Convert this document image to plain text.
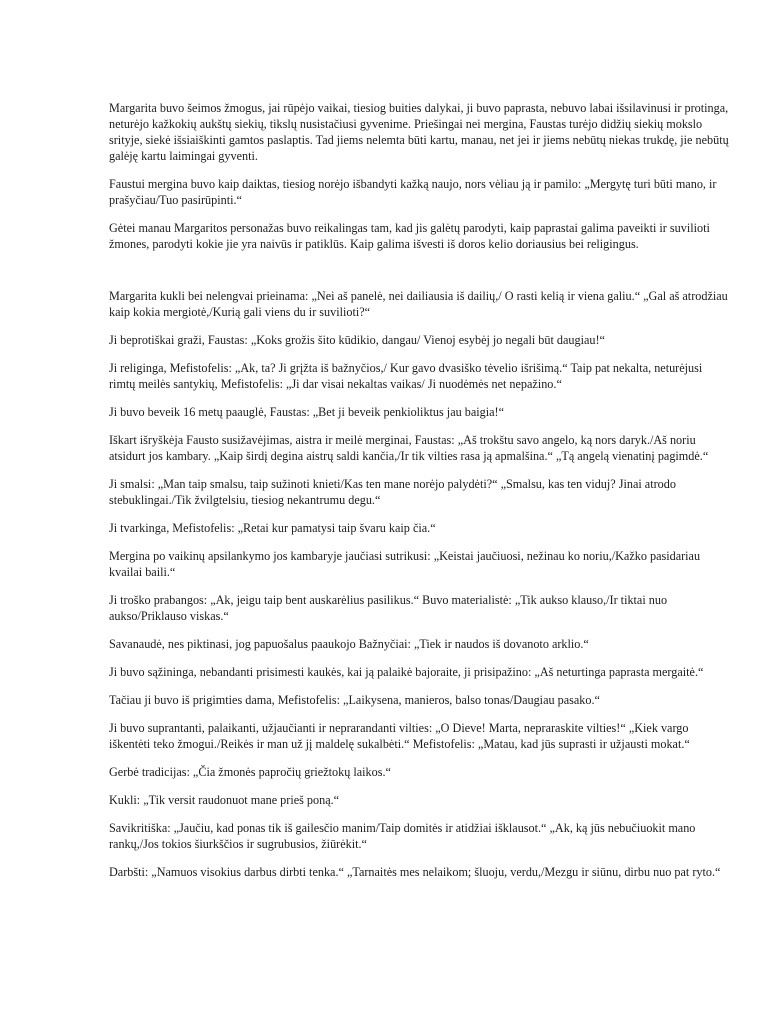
Margarita buvo šeimos žmogus, jai rūpėjo vaikai, tiesiog buities dalykai, ji buvo paprasta, nebuvo labai išsilavinusi ir protinga, neturėjo kažkokių aukštų siekių, tikslų nusistačiusi gyvenime. Priešingai nei mergina, Faustas turėjo didžių siekių mokslo srityje, siekė išsiaiškinti gamtos paslaptis. Tad jiems nelemta būti kartu, manau, net jei ir jiems nebūtų niekas trukdę, jie nebūtų galėję kartu laimingai gyventi.

Faustui mergina buvo kaip daiktas, tiesiog norėjo išbandyti kažką naujo, nors vėliau ją ir pamilo: „Mergytę turi būti mano, ir prašyčiau/Tuo pasirūpinti.“

Gėtei manau Margaritos personažas buvo reikalingas tam, kad jis galėtų parodyti, kaip paprastai galima paveikti ir suvilioti žmones, parodyti kokie jie yra naivūs ir patiklūs. Kaip galima išvesti iš doros kelio doriausius bei religingus.

Margarita kukli bei nelengvai prieinama: „Nei aš panelė, nei dailiausia iš dailių,/ O rasti kelią ir viena galiu.“ „Gal aš atrodžiau kaip kokia mergiotė,/Kurią gali viens du ir suvilioti?“

Ji beprotiškai graži, Faustas: „Koks grožis šito kūdikio, dangau/ Vienoj esybėj jo negali būt daugiau!“

Ji religinga, Mefistofelis: „Ak, ta? Ji grįžta iš bažnyčios,/ Kur gavo dvasiško tėvelio išrišimą.“ Taip pat nekalta, neturėjusi rimtų meilės santykių, Mefistofelis: „Ji dar visai nekaltas vaikas/ Ji nuodėmės net nepažino.“

Ji buvo beveik 16 metų paauglė, Faustas: „Bet ji beveik penkioliktus jau baigia!“

Iškart išryškėja Fausto susižavėjimas, aistra ir meilė merginai, Faustas: „Aš trokštu savo angelo, ką nors daryk./Aš noriu atsidurt jos kambary. „Kaip širdį degina aistrų saldi kančia,/Ir tik vilties rasa ją apmalšina.“ „Tą angelą vienatinį pagimdė.“

Ji smalsi: „Man taip smalsu, taip sužinoti knieti/Kas ten mane norėjo palydėti?“ „Smalsu, kas ten viduj? Jinai atrodo stebuklingai./Tik žvilgtelsiu, tiesiog nekantrumu degu.“

Ji tvarkinga, Mefistofelis: „Retai kur pamatysi taip švaru kaip čia.“

Mergina po vaikinų apsilankymo jos kambaryje jaučiasi sutrikusi: „Keistai jaučiuosi, nežinau ko noriu,/Kažko pasidariau kvailai baili.“

Ji troško prabangos: „Ak, jeigu taip bent auskarėlius pasilikus.“ Buvo materialistė: „Tik aukso klauso,/Ir tiktai nuo aukso/Priklauso viskas.“

Savanaudė, nes piktinasi, jog papuošalus paaukojo Bažnyčiai: „Tiek ir naudos iš dovanoto arklio.“

Ji buvo sąžininga, nebandanti prisimesti kaukės, kai ją palaikė bajoraite, ji prisipažino: „Aš neturtinga paprasta mergaitė.“

Tačiau ji buvo iš prigimties dama, Mefistofelis: „Laikysena, manieros, balso tonas/Daugiau pasako.“

Ji buvo suprantanti, palaikanti, užjaučianti ir neprarandanti vilties: „O Dieve! Marta, nepraraskite vilties!“ „Kiek vargo iškentėti teko žmogui./Reikės ir man už jį maldelę sukalbėti.“ Mefistofelis: „Matau, kad jūs suprasti ir užjausti mokat.“

Gerbė tradicijas: „Čia žmonės papročių griežtokų laikos.“

Kukli: „Tik versit raudonuot mane prieš poną.“

Savikritiška: „Jaučiu, kad ponas tik iš gailesčio manim/Taip domitės ir atidžiai išklausot.“ „Ak, ką jūs nebučiuokit mano rankų,/Jos tokios šiurkščios ir sugrubusios, žiūrėkit.“

Darbšti: „Namuos visokius darbus dirbti tenka.“ „Tarnaitės mes nelaikom; šluoju, verdu,/Mezgu ir siūnu, dirbu nuo pat ryto.“
